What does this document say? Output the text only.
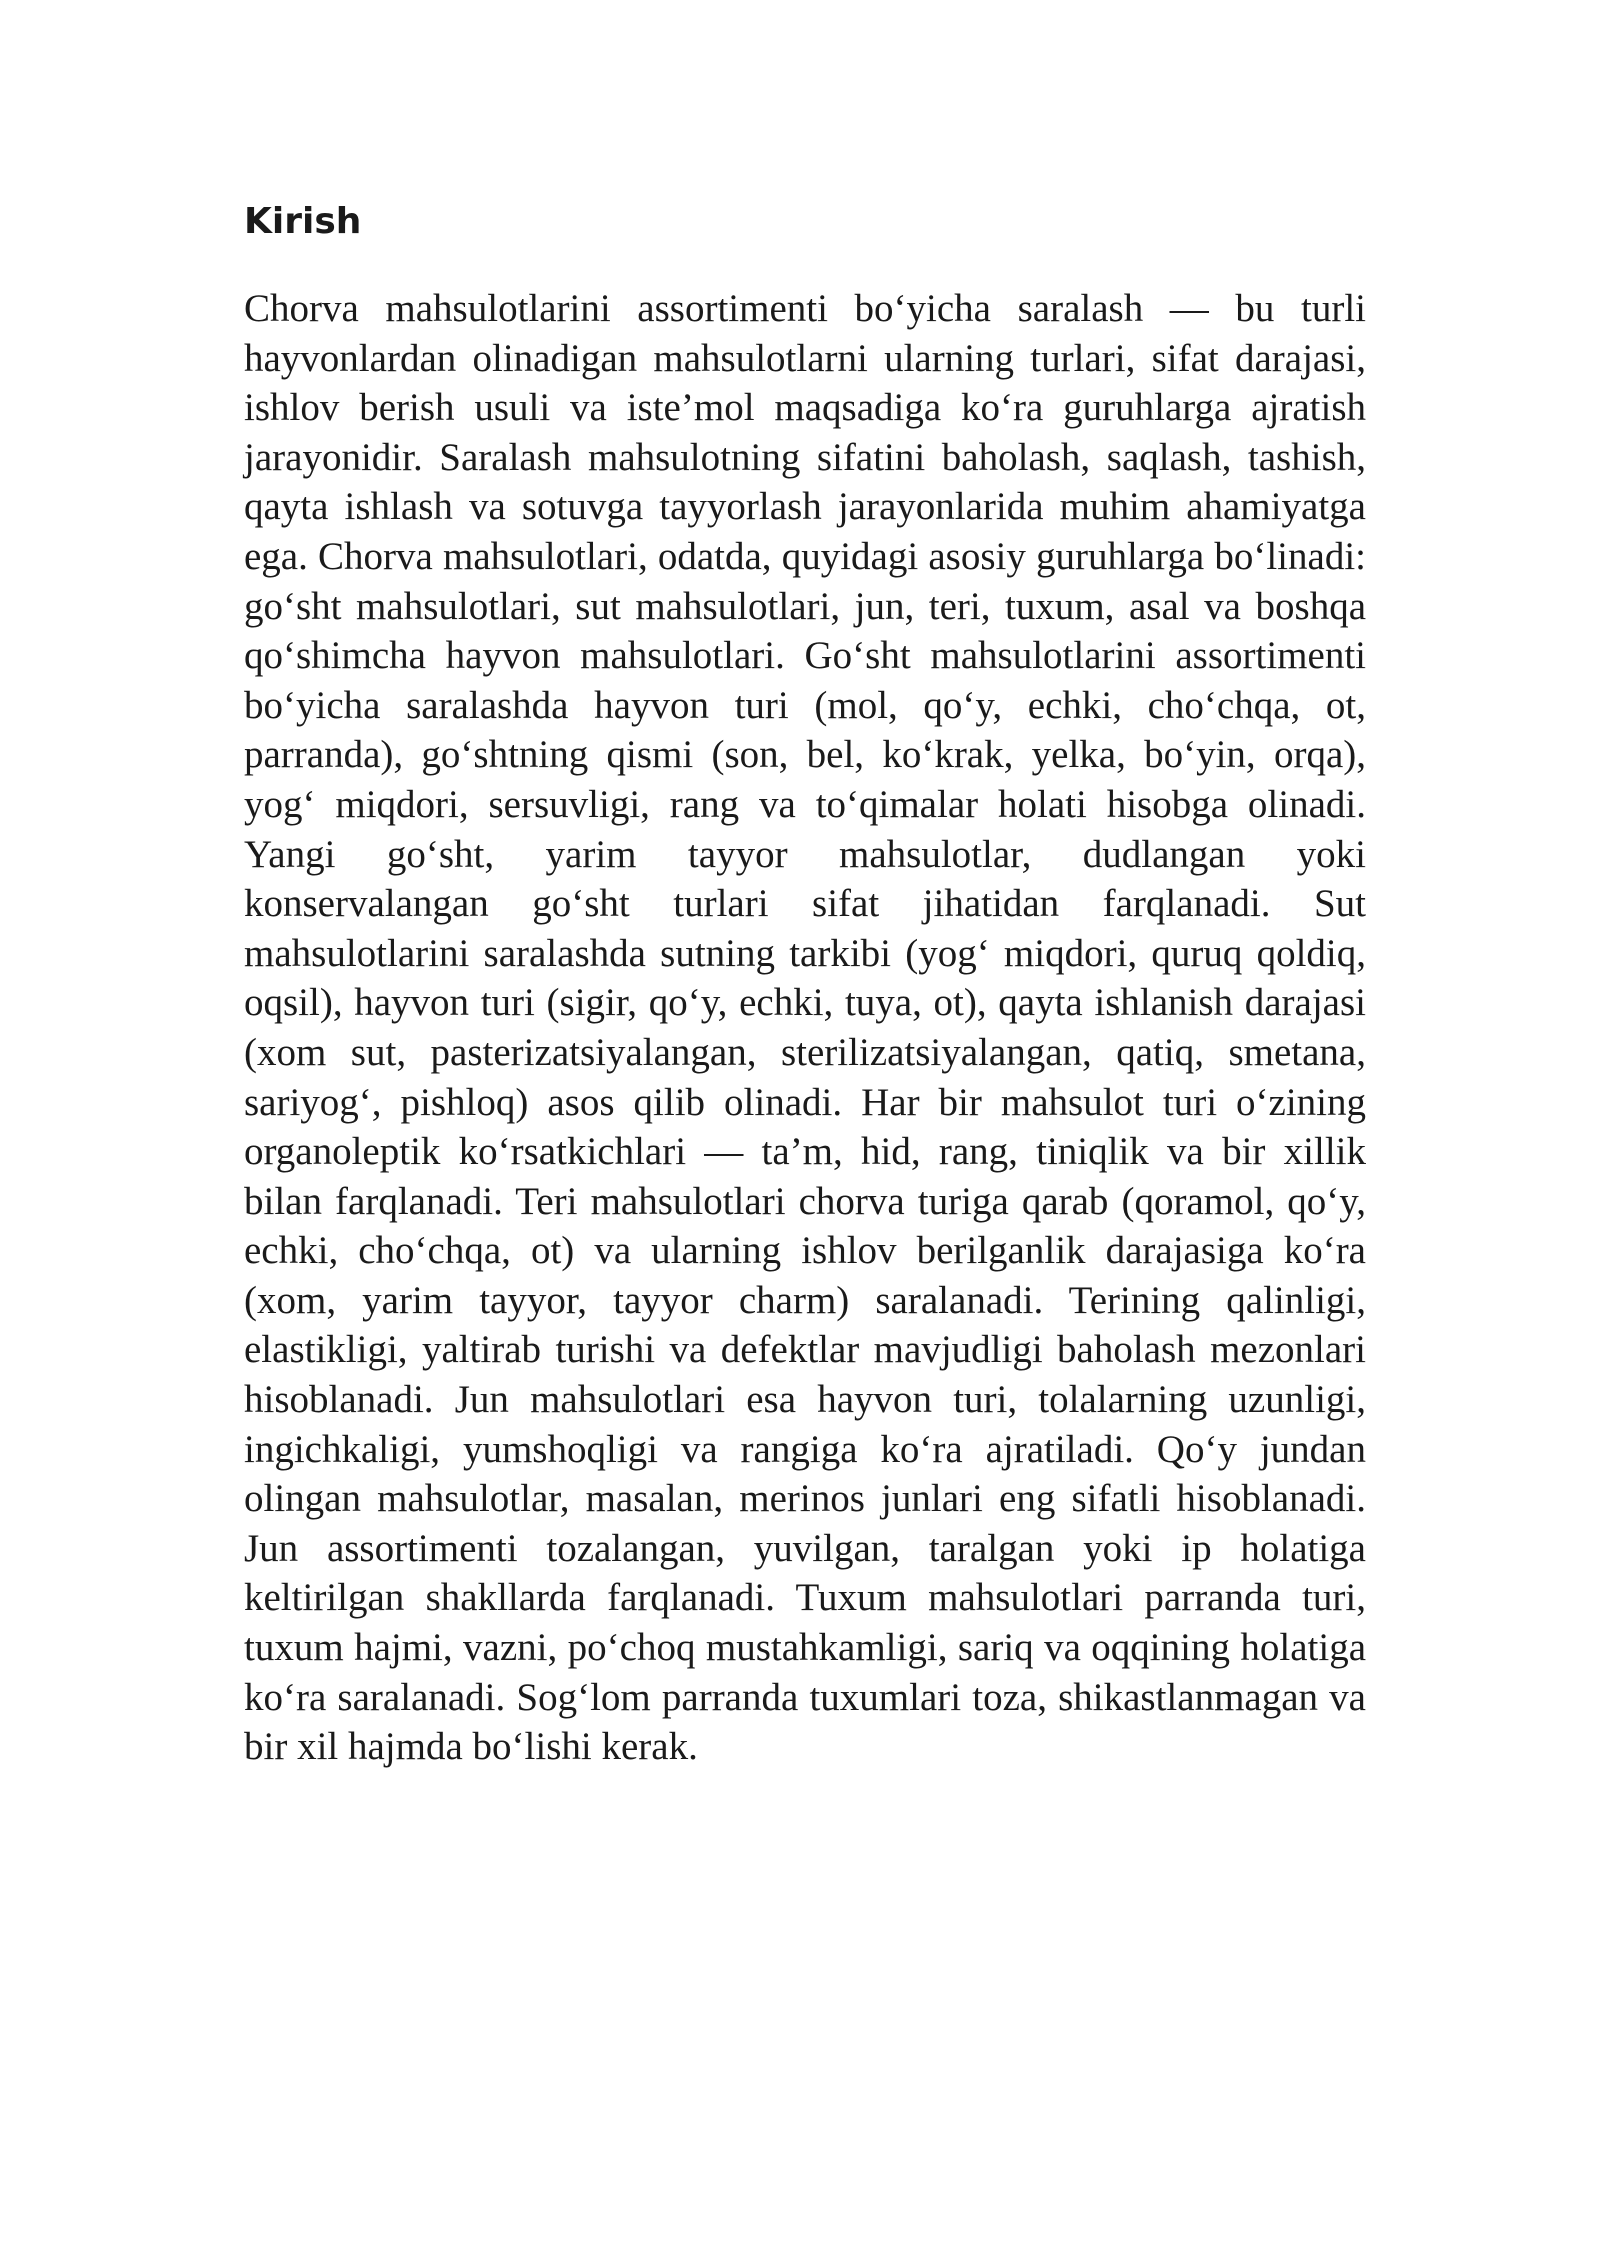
Kirish

Chorva mahsulotlarini assortimenti bo‘yicha saralash — bu turli hayvonlardan olinadigan mahsulotlarni ularning turlari, sifat darajasi, ishlov berish usuli va iste’mol maqsadiga ko‘ra guruhlarga ajratish jarayonidir. Saralash mahsulotning sifatini baholash, saqlash, tashish, qayta ishlash va sotuvga tayyorlash jarayonlarida muhim ahamiyatga ega. Chorva mahsulotlari, odatda, quyidagi asosiy guruhlarga bo‘linadi: go‘sht mahsulotlari, sut mahsulotlari, jun, teri, tuxum, asal va boshqa qo‘shimcha hayvon mahsulotlari. Go‘sht mahsulotlarini assortimenti bo‘yicha saralashda hayvon turi (mol, qo‘y, echki, cho‘chqa, ot, parranda), go‘shtning qismi (son, bel, ko‘krak, yelka, bo‘yin, orqa), yog‘ miqdori, sersuvligi, rang va to‘qimalar holati hisobga olinadi. Yangi go‘sht, yarim tayyor mahsulotlar, dudlangan yoki konservalangan go‘sht turlari sifat jihatidan farqlanadi. Sut mahsulotlarini saralashda sutning tarkibi (yog‘ miqdori, quruq qoldiq, oqsil), hayvon turi (sigir, qo‘y, echki, tuya, ot), qayta ishlanish darajasi (xom sut, pasterizatsiyalangan, sterilizatsiyalangan, qatiq, smetana, sariyog‘, pishloq) asos qilib olinadi. Har bir mahsulot turi o‘zining organoleptik ko‘rsatkichlari — ta’m, hid, rang, tiniqlik va bir xillik bilan farqlanadi. Teri mahsulotlari chorva turiga qarab (qoramol, qo‘y, echki, cho‘chqa, ot) va ularning ishlov berilganlik darajasiga ko‘ra (xom, yarim tayyor, tayyor charm) saralanadi. Terining qalinligi, elastikligi, yaltirab turishi va defektlar mavjudligi baholash mezonlari hisoblanadi. Jun mahsulotlari esa hayvon turi, tolalarning uzunligi, ingichkaligi, yumshoqligi va rangiga ko‘ra ajratiladi. Qo‘y jundan olingan mahsulotlar, masalan, merinos junlari eng sifatli hisoblanadi. Jun assortimenti tozalangan, yuvilgan, taralgan yoki ip holatiga keltirilgan shakllarda farqlanadi. Tuxum mahsulotlari parranda turi, tuxum hajmi, vazni, po‘choq mustahkamligi, sariq va oqqining holatiga ko‘ra saralanadi. Sog‘lom parranda tuxumlari toza, shikastlanmagan va bir xil hajmda bo‘lishi kerak.
